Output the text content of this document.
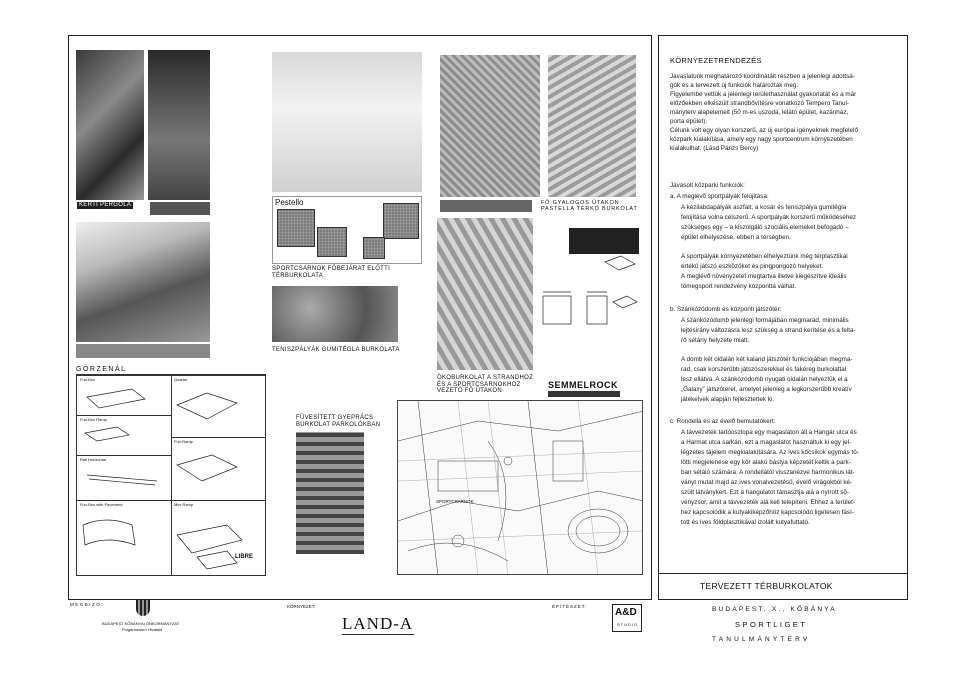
KERTI PERGOLA
GÖRZENÁL
Fun-Box
Fun-Box Ramp
Rail Horizontal
Fun-Box with Pavement
Quarter
Fun-Ramp
Mini Ramp
LIBRE
Pestello
SPORTCSARNOK FŐBEJÁRAT ELŐTTI TÉRBURKOLATA
TENISZPÁLYÁK GUMITÉGLA BURKOLATA
FŰVESÍTETT GYEPRÁCS BURKOLAT PARKOLÓKBAN
FŐ GYALOGOS ÚTAKON PASTELLA TÉRKŐ BURKOLAT
ÖKOBURKOLAT A STRANDHOZ ÉS A SPORTCSARNOKHOZ VEZETŐ FŐ ÚTAKON
SEMMELROCK
SPORTCSARNOK
KÖRNYEZETRENDEZÉS
Javaslatunk meghatározó koordinátáit részben a jelenlegi adottsá-
gok és a tervezett új funkciók határozták meg.
Figyelembe vettük a jelenlegi területhasználat gyakorlatát és a már
előzőekben elkészült strandbővítésre vonatkozó Tempero Tanul-
mányterv alapelemeit (50 m-es uszoda, lelátó épület, kazánház,
porta épület).
Célunk volt egy olyan korszerű, az új európai igényeknek megfelelő
közpark kialakítása, amely egy nagy sportcentrum környezetében
kialakulhat. (Lásd Párizs Bercy)
Javasolt közparki funkciók:
a. A meglévő sportpályák felújítása:
A kézilabdapályák aszfalt, a kosár és teniszpálya gumitégla
felújítása volna célszerű. A sportpályák korszerű működéséhez
szükséges egy – a kiszolgáló szociális elemeket befogadó –
épület elhelyezése, ebben a térségben.
A sportpályák környezetében elhelyeztünk még térplasztikai
értékű játszó eszközöket és pingpongozó helyeket.
A meglévő növényzetet megtartva illetve kiegészítve ideális
tömegsport rendezvény központtá válhat.
b. Szánkózódomb és központi játszótér:
A szánkózódomb jelenlegi formájában megmarad, minimális
lejtésirány változásra lesz szükség a strand kerítése és a felta-
rő sétány helyzete miatt.
A domb két oldalán két kaland játszótér funkciójában megma-
rad, csak korszerűbb játszószerekkel és fakéreg burkolattal
lesz ellátva. A szánkózódomb nyugati oldalán helyeztük el a
„Galaxy” játszóteret, amelyet jelenleg a legkorszerűbb kreatív
játékelvek alapján fejlesztettek ki.
c. Rondella és az évelő bemutatókert:
A távvezeték tartóoszlopa egy magaslaton áll a Hangár utca és
a Harmat utca sarkán, ezt a magaslatot használtuk ki egy jel-
légzetes tájelem megkialakítására. Az íves kőcsíkok egymás tö-
lötti megjelenése egy kör alakú bástya képzetét keltik a park-
ban sétáló számára. A rondellától visszanézve harmonikus lát-
ványt mutat majd az íves vonalvezetésű, évelő virágokból ké-
szült látványkert. Ezt a hangulatot támasztja alá a nyírott sö-
vényzsor, amit a távvezeték alá kell telepíteni. Ehhez a terület-
hez kapcsolódik a kutyakiképzőhöz kapcsolódó ligetesen fásí-
tott és íves földplasztikával izolált kutyafuttató.
TERVEZETT TÉRBURKOLATOK
MEGBÍZÓ:
BUDAPEST KŐBÁNYAI ÖNKORMÁNYZAT
Polgármesteri Hivatala
KÖRNYEZET:
LAND-A
ÉPÍTÉSZET:
A&D
STUDIO
BUDAPEST, X., KŐBÁNYA
SPORTLIGET
TANULMÁNYTERV
